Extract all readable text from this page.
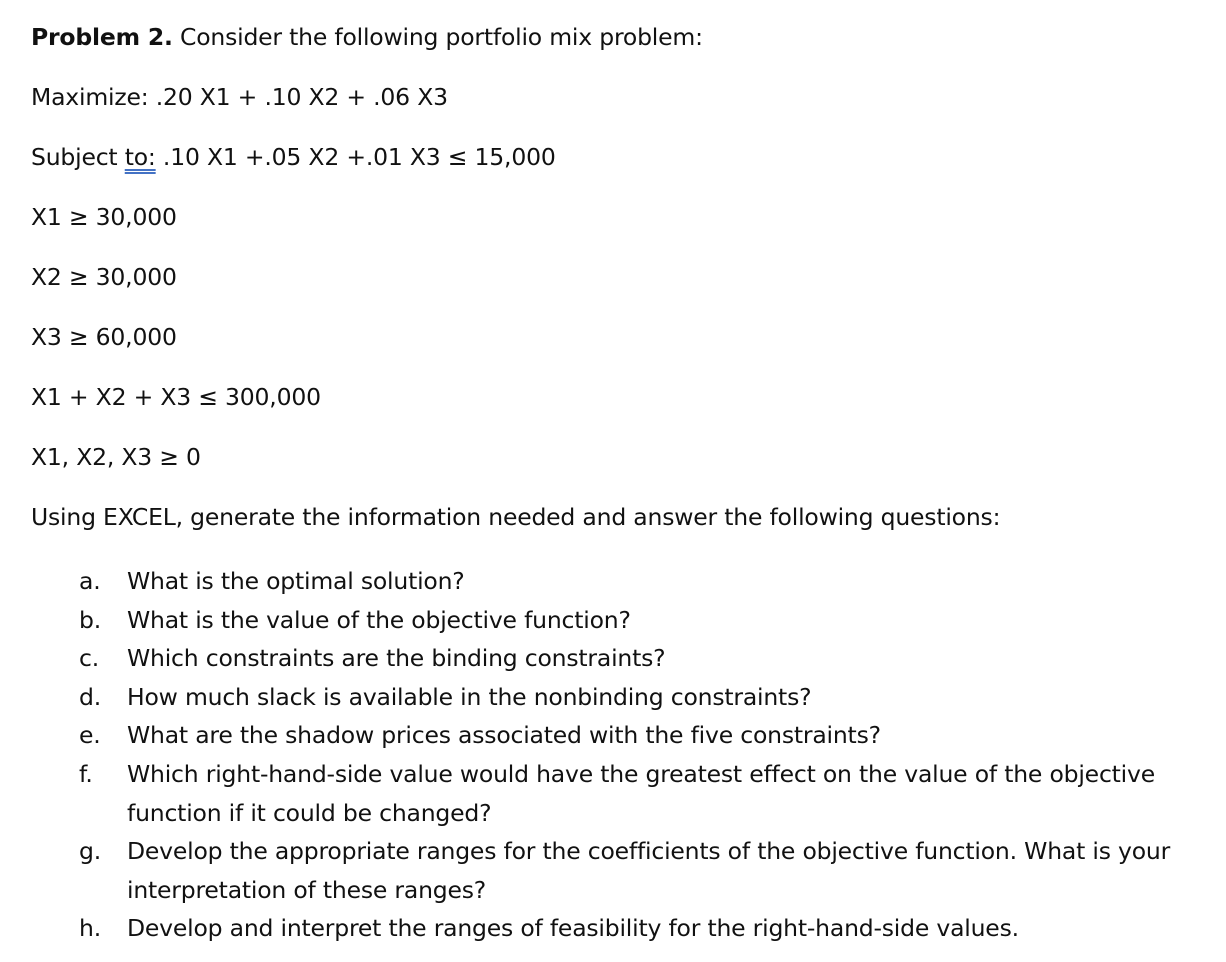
Problem 2. Consider the following portfolio mix problem:
Maximize: .20 X1 + .10 X2 + .06 X3
Subject to: .10 X1 +.05 X2 +.01 X3 ≤ 15,000
X1 ≥ 30,000
X2 ≥ 30,000
X3 ≥ 60,000
X1 + X2 + X3 ≤ 300,000
X1, X2, X3 ≥ 0
Using EXCEL, generate the information needed and answer the following questions:
a.	What is the optimal solution?
b.	What is the value of the objective function?
c.	Which constraints are the binding constraints?
d.	How much slack is available in the nonbinding constraints?
e.	What are the shadow prices associated with the five constraints?
f.	Which right-hand-side value would have the greatest effect on the value of the objective function if it could be changed?
g.	Develop the appropriate ranges for the coefficients of the objective function. What is your interpretation of these ranges?
h.	Develop and interpret the ranges of feasibility for the right-hand-side values.
